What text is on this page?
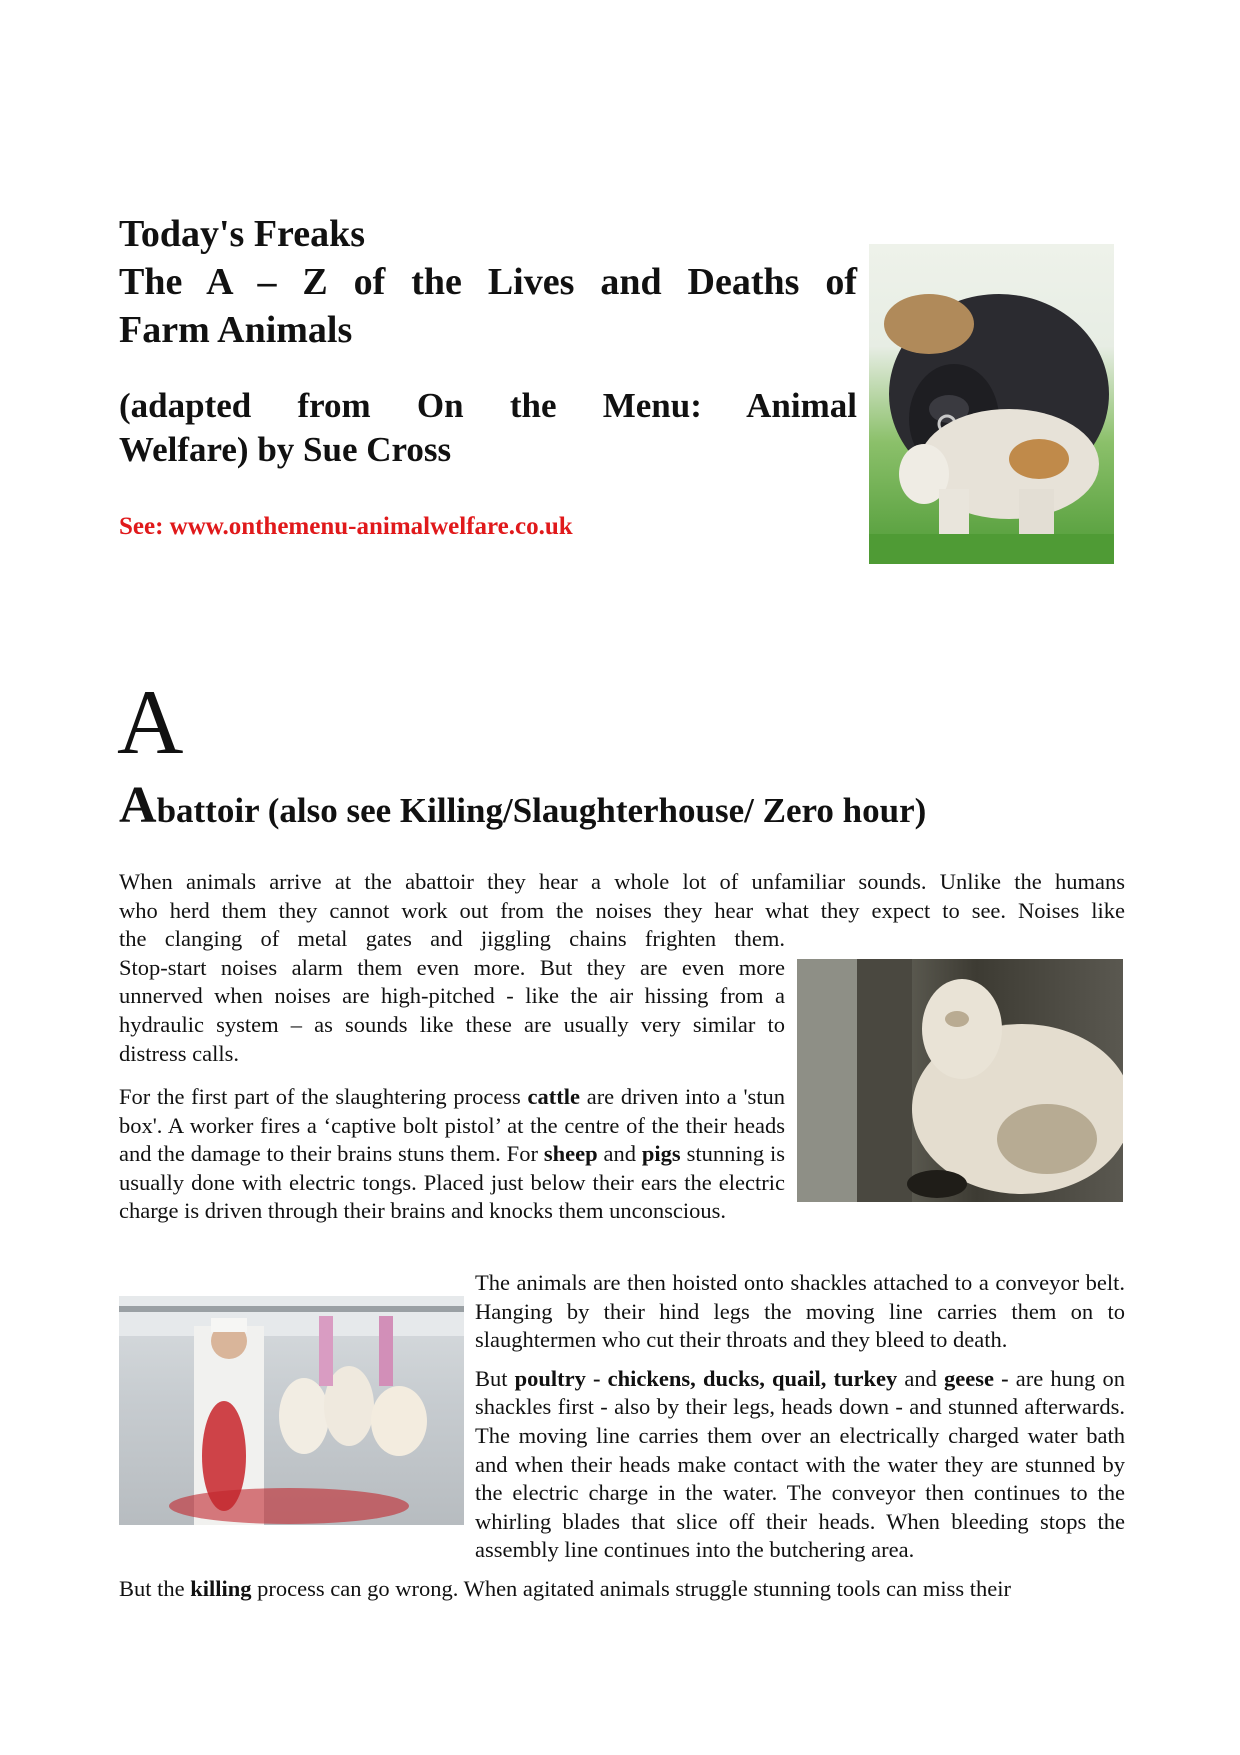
Today's Freaks

The A – Z of the Lives and Deaths of

Farm Animals

(adapted from On the Menu: Animal

Welfare) by Sue Cross

See: www.onthemenu-animalwelfare.co.uk
A
Abattoir (also see Killing/Slaughterhouse/ Zero hour)

When animals arrive at the abattoir they hear a whole lot of unfamiliar sounds. Unlike the humans

who herd them they cannot work out from the noises they hear what they expect to see. Noises like

the clanging of metal gates and jiggling chains frighten them.

Stop-start noises alarm them even more. But they are even more unnerved when noises are high-pitched - like the air hissing from a hydraulic system – as sounds like these are usually very similar to distress calls.

For the first part of the slaughtering process cattle are driven into a 'stun box'. A worker fires a ‘captive bolt pistol’ at the centre of the their heads and the damage to their brains stuns them. For sheep and pigs stunning is usually done with electric tongs. Placed just below their ears the electric charge is driven through their brains and knocks them unconscious.

The animals are then hoisted onto shackles attached to a conveyor belt. Hanging by their hind legs the moving line carries them on to slaughtermen who cut their throats and they bleed to death.

But poultry - chickens, ducks, quail, turkey and geese - are hung on shackles first - also by their legs, heads down - and stunned afterwards. The moving line carries them over an electrically charged water bath and when their heads make contact with the water they are stunned by the electric charge in the water. The conveyor then continues to the whirling blades that slice off their heads. When bleeding stops the assembly line continues into the butchering area.

But the killing process can go wrong. When agitated animals struggle stunning tools can miss their
